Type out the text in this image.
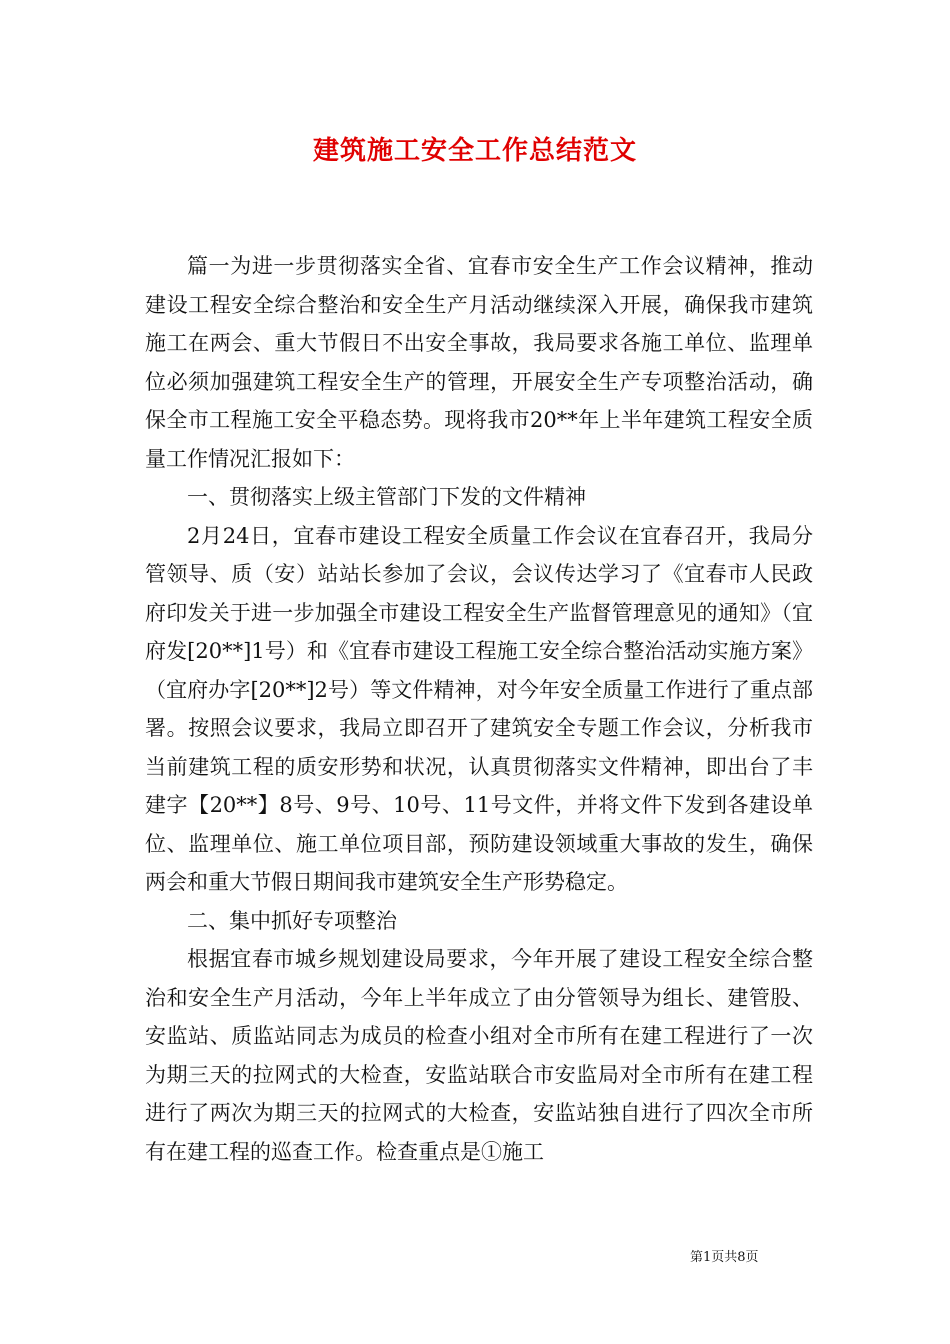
建筑施工安全工作总结范文

篇一为进一步贯彻落实全省、宜春市安全生产工作会议精神，推动建设工程安全综合整治和安全生产月活动继续深入开展，确保我市建筑施工在两会、重大节假日不出安全事故，我局要求各施工单位、监理单位必须加强建筑工程安全生产的管理，开展安全生产专项整治活动，确保全市工程施工安全平稳态势。现将我市20**年上半年建筑工程安全质量工作情况汇报如下：

一、贯彻落实上级主管部门下发的文件精神

2月24日，宜春市建设工程安全质量工作会议在宜春召开，我局分管领导、质（安）站站长参加了会议，会议传达学习了《宜春市人民政府印发关于进一步加强全市建设工程安全生产监督管理意见的通知》（宜府发[20**]1号）和《宜春市建设工程施工安全综合整治活动实施方案》（宜府办字[20**]2号）等文件精神，对今年安全质量工作进行了重点部署。按照会议要求，我局立即召开了建筑安全专题工作会议，分析我市当前建筑工程的质安形势和状况，认真贯彻落实文件精神，即出台了丰建字【20**】8号、9号、10号、11号文件，并将文件下发到各建设单位、监理单位、施工单位项目部，预防建设领域重大事故的发生，确保两会和重大节假日期间我市建筑安全生产形势稳定。

二、集中抓好专项整治

根据宜春市城乡规划建设局要求，今年开展了建设工程安全综合整治和安全生产月活动，今年上半年成立了由分管领导为组长、建管股、安监站、质监站同志为成员的检查小组对全市所有在建工程进行了一次为期三天的拉网式的大检查，安监站联合市安监局对全市所有在建工程进行了两次为期三天的拉网式的大检查，安监站独自进行了四次全市所有在建工程的巡查工作。检查重点是①施工

第1页共8页
